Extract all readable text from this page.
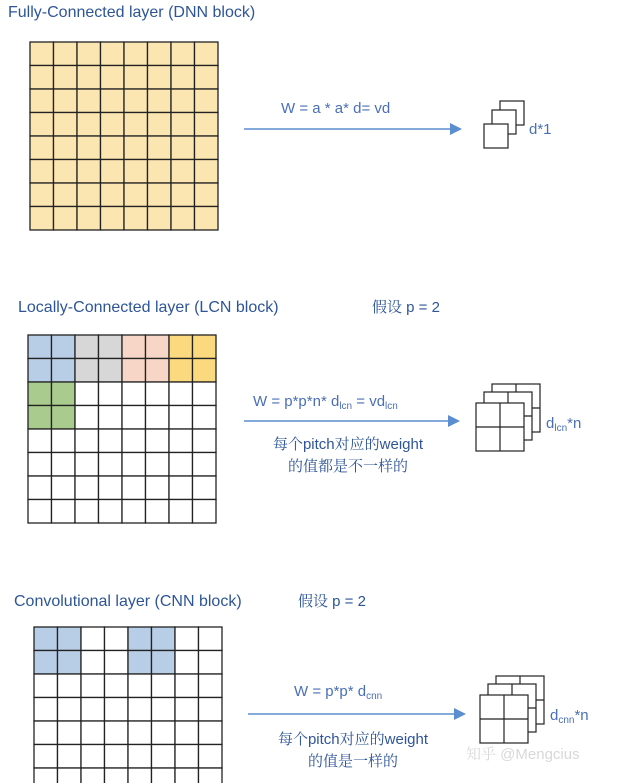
Fully-Connected layer (DNN block)
W = a * a* d= vd
d*1
Locally-Connected layer (LCN block)	假设 p = 2
W = p*p*n* $d_{lcn} = vd_{lcn}$
每个pitch对应的weight
的值都是不一样的
$d_{lcn}*n$
Convolutional layer (CNN block)	假设 p = 2
W = p*p* $d_{cnn}$
每个pitch对应的weight
的值是一样的
$d_{cnn}*n$
知乎 @Mengcius
